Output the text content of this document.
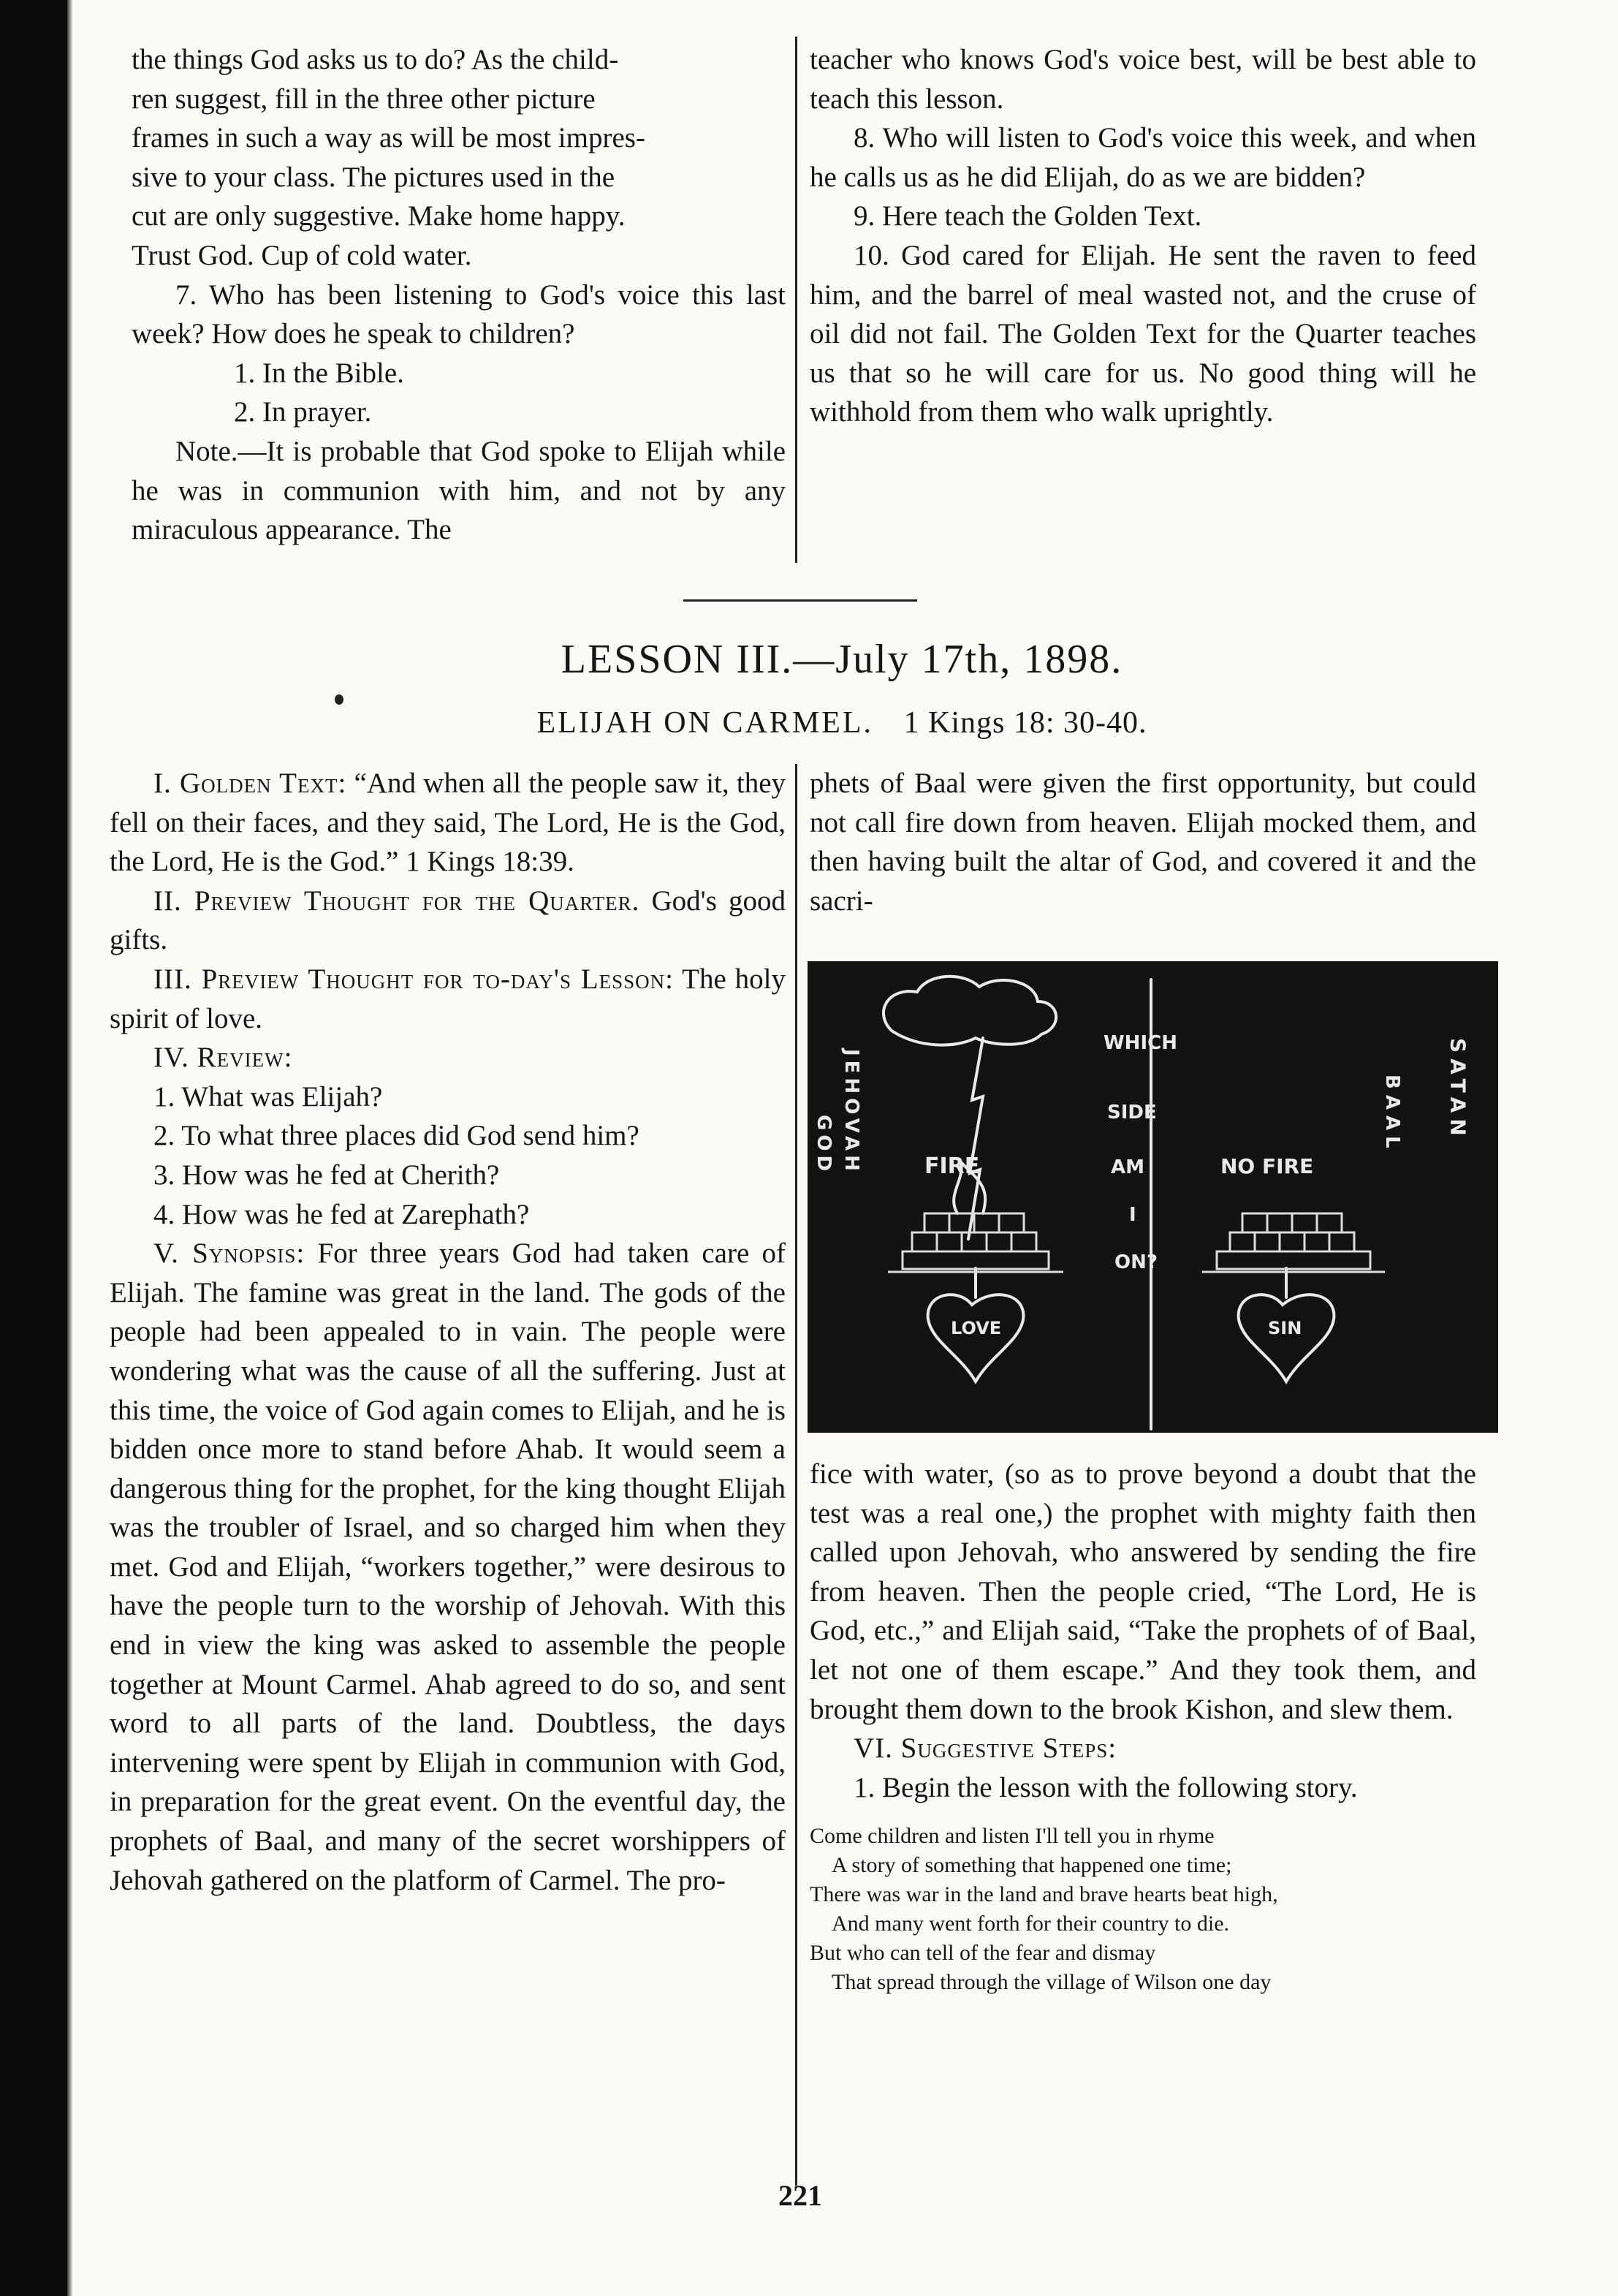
the things God asks us to do? As the child-

ren suggest, fill in the three other picture

frames in such a way as will be most impres-

sive to your class. The pictures used in the

cut are only suggestive. Make home happy.

Trust God. Cup of cold water.

7. Who has been listening to God's voice this last week? How does he speak to children?

1. In the Bible.

2. In prayer.

Note.—It is probable that God spoke to Elijah while he was in communion with him, and not by any miraculous appearance. The

teacher who knows God's voice best, will be best able to teach this lesson.

8. Who will listen to God's voice this week, and when he calls us as he did Elijah, do as we are bidden?

9. Here teach the Golden Text.

10. God cared for Elijah. He sent the raven to feed him, and the barrel of meal wasted not, and the cruse of oil did not fail. The Golden Text for the Quarter teaches us that so he will care for us. No good thing will he withhold from them who walk uprightly.

LESSON III.—July 17th, 1898.
ELIJAH ON CARMEL. 1 Kings 18: 30-40.

I. Golden Text: “And when all the people saw it, they fell on their faces, and they said, The Lord, He is the God, the Lord, He is the God.” 1 Kings 18:39.

II. Preview Thought for the Quarter. God's good gifts.

III. Preview Thought for to-day's Lesson: The holy spirit of love.

IV. Review:

1. What was Elijah?

2. To what three places did God send him?

3. How was he fed at Cherith?

4. How was he fed at Zarephath?

V. Synopsis: For three years God had taken care of Elijah. The famine was great in the land. The gods of the people had been appealed to in vain. The people were wondering what was the cause of all the suffering. Just at this time, the voice of God again comes to Elijah, and he is bidden once more to stand before Ahab. It would seem a dangerous thing for the prophet, for the king thought Elijah was the troubler of Israel, and so charged him when they met. God and Elijah, “workers together,” were desirous to have the people turn to the worship of Jehovah. With this end in view the king was asked to assemble the people together at Mount Carmel. Ahab agreed to do so, and sent word to all parts of the land. Doubtless, the days intervening were spent by Elijah in communion with God, in preparation for the great event. On the eventful day, the prophets of Baal, and many of the secret worshippers of Jehovah gathered on the platform of Carmel. The pro-

phets of Baal were given the first opportunity, but could not call fire down from heaven. Elijah mocked them, and then having built the altar of God, and covered it and the sacri-

JEHOVAH
GOD	FIRE	NO FIRE
WHICH
SIDE
AM
I
ON?
BAAL SATAN
LOVE	SIN

fice with water, (so as to prove beyond a doubt that the test was a real one,) the prophet with mighty faith then called upon Jehovah, who answered by sending the fire from heaven. Then the people cried, “The Lord, He is God, etc.,” and Elijah said, “Take the prophets of of Baal, let not one of them escape.” And they took them, and brought them down to the brook Kishon, and slew them.

VI. Suggestive Steps:

1. Begin the lesson with the following story.

Come children and listen I'll tell you in rhyme

A story of something that happened one time;

There was war in the land and brave hearts beat high,

And many went forth for their country to die.

But who can tell of the fear and dismay

That spread through the village of Wilson one day

221
